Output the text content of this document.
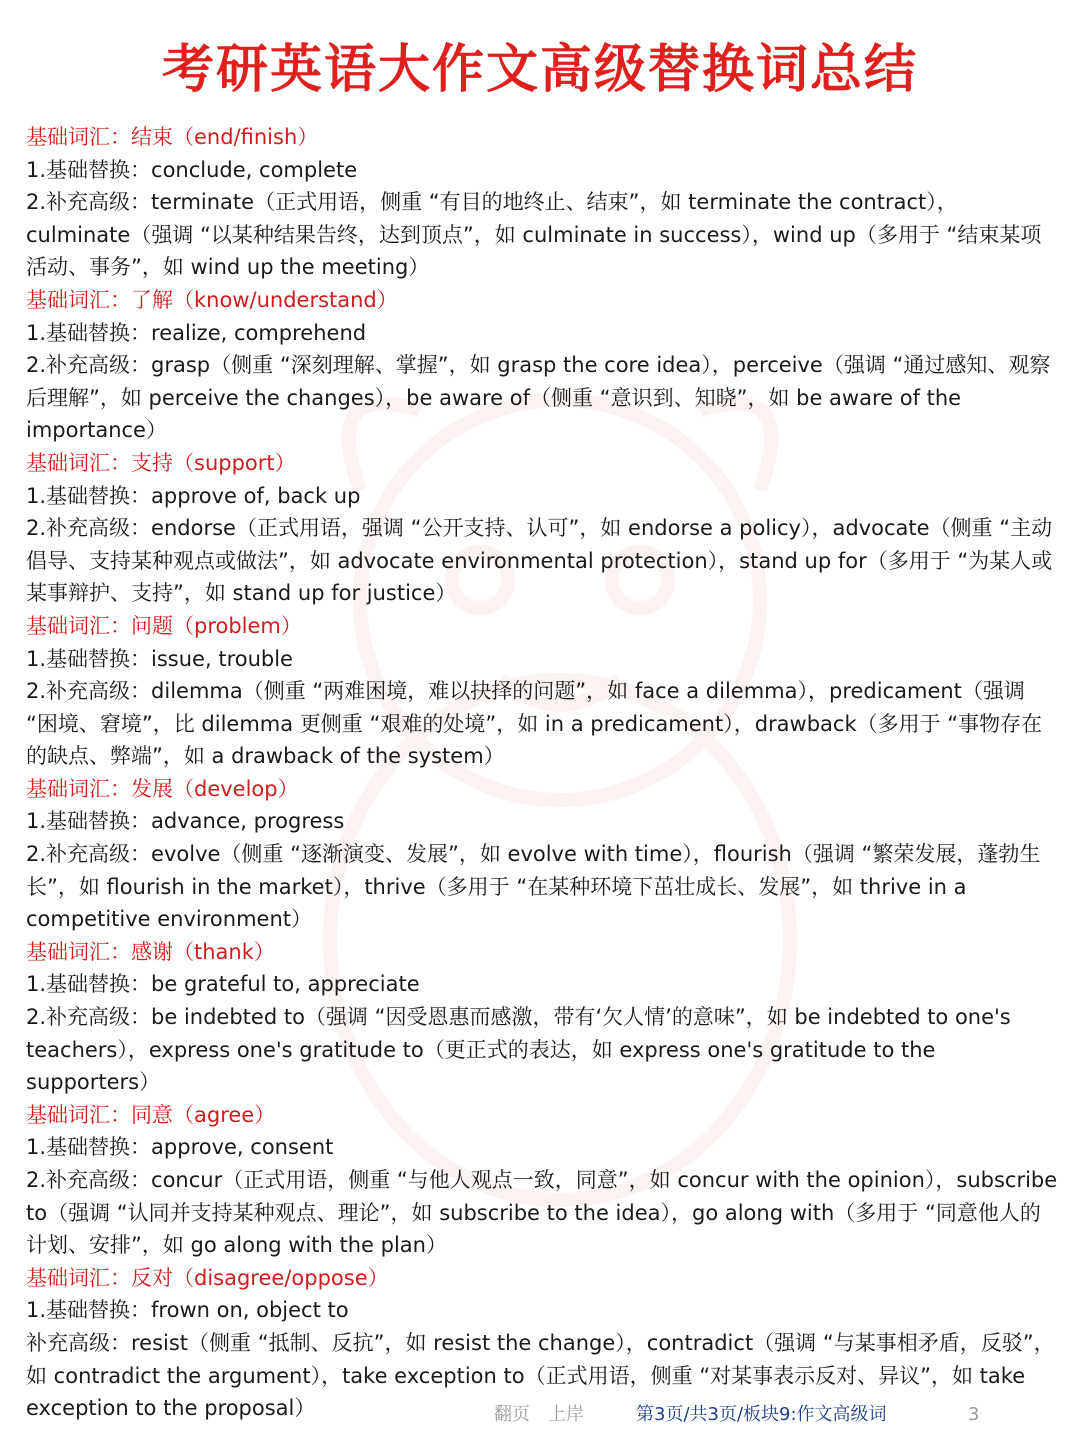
考研英语大作文高级替换词总结

基础词汇：结束（end/finish）

1.基础替换：conclude, complete

2.补充高级：terminate（正式用语，侧重 “有目的地终止、结束”，如 terminate the contract），culminate（强调 “以某种结果告终，达到顶点”，如 culminate in success），wind up（多用于 “结束某项活动、事务”，如 wind up the meeting）

基础词汇：了解（know/understand）

1.基础替换：realize, comprehend

2.补充高级：grasp（侧重 “深刻理解、掌握”，如 grasp the core idea），perceive（强调 “通过感知、观察后理解”，如 perceive the changes），be aware of（侧重 “意识到、知晓”，如 be aware of the importance）

基础词汇：支持（support）

1.基础替换：approve of, back up

2.补充高级：endorse（正式用语，强调 “公开支持、认可”，如 endorse a policy），advocate（侧重 “主动倡导、支持某种观点或做法”，如 advocate environmental protection），stand up for（多用于 “为某人或某事辩护、支持”，如 stand up for justice）

基础词汇：问题（problem）

1.基础替换：issue, trouble

2.补充高级：dilemma（侧重 “两难困境，难以抉择的问题”，如 face a dilemma），predicament（强调 “困境、窘境”，比 dilemma 更侧重 “艰难的处境”，如 in a predicament），drawback（多用于 “事物存在的缺点、弊端”，如 a drawback of the system）

基础词汇：发展（develop）

1.基础替换：advance, progress

2.补充高级：evolve（侧重 “逐渐演变、发展”，如 evolve with time），flourish（强调 “繁荣发展，蓬勃生长”，如 flourish in the market），thrive（多用于 “在某种环境下茁壮成长、发展”，如 thrive in a competitive environment）

基础词汇：感谢（thank）

1.基础替换：be grateful to, appreciate

2.补充高级：be indebted to（强调 “因受恩惠而感激，带有‘欠人情’的意味”，如 be indebted to one's teachers），express one's gratitude to（更正式的表达，如 express one's gratitude to the supporters）

基础词汇：同意（agree）

1.基础替换：approve, consent

2.补充高级：concur（正式用语，侧重 “与他人观点一致，同意”，如 concur with the opinion），subscribe to（强调 “认同并支持某种观点、理论”，如 subscribe to the idea），go along with（多用于 “同意他人的计划、安排”，如 go along with the plan）

基础词汇：反对（disagree/oppose）

1.基础替换：frown on, object to

补充高级：resist（侧重 “抵制、反抗”，如 resist the change），contradict（强调 “与某事相矛盾，反驳”，如 contradict the argument），take exception to（正式用语，侧重 “对某事表示反对、异议”，如 take exception to the proposal）	翻页 上岸	第3页/共3页/板块9:作文高级词	3
